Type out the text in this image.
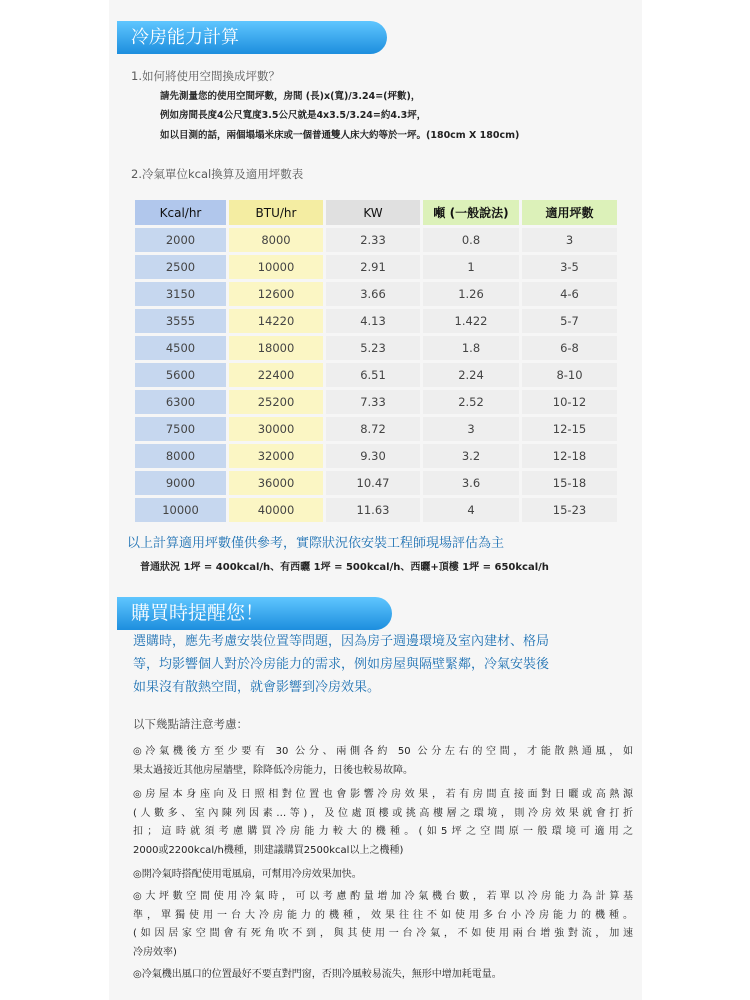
冷房能力計算
1.如何將使用空間換成坪數？
請先測量您的使用空間坪數，房間 (長)x(寬)/3.24=(坪數)，
例如房間長度4公尺寬度3.5公尺就是4x3.5/3.24=約4.3坪，
如以目測的話，兩個塌塌米床或一個普通雙人床大約等於一坪。(180cm X 180cm)
2.冷氣單位kcal換算及適用坪數表
Kcal/hr	BTU/hr	KW	噸 (一般說法)	適用坪數
2000	8000	2.33	0.8	3
2500	10000	2.91	1	3-5
3150	12600	3.66	1.26	4-6
3555	14220	4.13	1.422	5-7
4500	18000	5.23	1.8	6-8
5600	22400	6.51	2.24	8-10
6300	25200	7.33	2.52	10-12
7500	30000	8.72	3	12-15
8000	32000	9.30	3.2	12-18
9000	36000	10.47	3.6	15-18
10000	40000	11.63	4	15-23
以上計算適用坪數僅供參考，實際狀況依安裝工程師現場評估為主
普通狀況 1坪 = 400kcal/h、有西曬 1坪 = 500kcal/h、西曬+頂樓 1坪 = 650kcal/h
購買時提醒您！
選購時，應先考慮安裝位置等問題，因為房子週邊環境及室內建材、格局
等，均影響個人對於冷房能力的需求，例如房屋與隔壁緊鄰，冷氣安裝後
如果沒有散熱空間，就會影響到冷房效果。
以下幾點請注意考慮：
◎冷氣機後方至少要有 30 公分、兩側各約 50 公分左右的空間，才能散熱通風，如
果太過接近其他房屋牆壁，除降低冷房能力，日後也較易故障。
◎房屋本身座向及日照相對位置也會影響冷房效果，若有房間直接面對日曬或高熱源
(人數多、室內陳列因素…等)，及位處頂樓或挑高樓層之環境，則冷房效果就會打折
扣；這時就須考慮購買冷房能力較大的機種。(如5坪之空間原一般環境可適用之
2000或2200kcal/h機種，則建議購買2500kcal以上之機種)
◎開冷氣時搭配使用電風扇，可幫用冷房效果加快。
◎大坪數空間使用冷氣時，可以考慮酌量增加冷氣機台數，若單以冷房能力為計算基
準，單獨使用一台大冷房能力的機種，效果往往不如使用多台小冷房能力的機種。
(如因居家空間會有死角吹不到，與其使用一台冷氣，不如使用兩台增強對流，加速
冷房效率)
◎冷氣機出風口的位置最好不要直對門窗，否則冷風較易流失，無形中增加耗電量。
